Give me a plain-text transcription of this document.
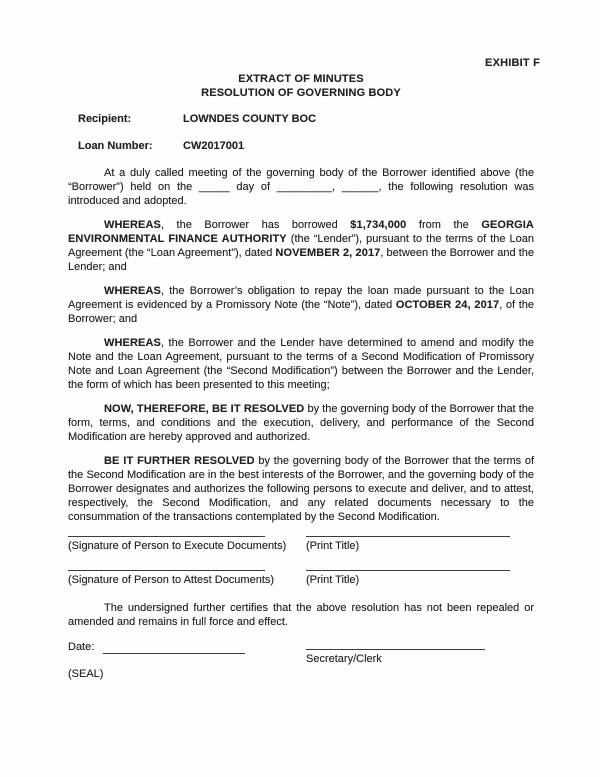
EXHIBIT F
EXTRACT OF MINUTES
RESOLUTION OF GOVERNING BODY
Recipient:	LOWNDES COUNTY BOC
Loan Number:	CW2017001

At a duly called meeting of the governing body of the Borrower identified above (the “Borrower”) held on the _____ day of _________, ______, the following resolution was introduced and adopted.

WHEREAS, the Borrower has borrowed $1,734,000 from the GEORGIA ENVIRONMENTAL FINANCE AUTHORITY (the “Lender”), pursuant to the terms of the Loan Agreement (the “Loan Agreement”), dated NOVEMBER 2, 2017, between the Borrower and the Lender; and

WHEREAS, the Borrower’s obligation to repay the loan made pursuant to the Loan Agreement is evidenced by a Promissory Note (the “Note”), dated OCTOBER 24, 2017, of the Borrower; and

WHEREAS, the Borrower and the Lender have determined to amend and modify the Note and the Loan Agreement, pursuant to the terms of a Second Modification of Promissory Note and Loan Agreement (the “Second Modification”) between the Borrower and the Lender, the form of which has been presented to this meeting;

NOW, THEREFORE, BE IT RESOLVED by the governing body of the Borrower that the form, terms, and conditions and the execution, delivery, and performance of the Second Modification are hereby approved and authorized.

BE IT FURTHER RESOLVED by the governing body of the Borrower that the terms of the Second Modification are in the best interests of the Borrower, and the governing body of the Borrower designates and authorizes the following persons to execute and deliver, and to attest, respectively, the Second Modification, and any related documents necessary to the consummation of the transactions contemplated by the Second Modification.

(Signature of Person to Execute Documents)	(Print Title)
(Signature of Person to Attest Documents)	(Print Title)

The undersigned further certifies that the above resolution has not been repealed or amended and remains in full force and effect.

Date:
(SEAL)
Secretary/Clerk
